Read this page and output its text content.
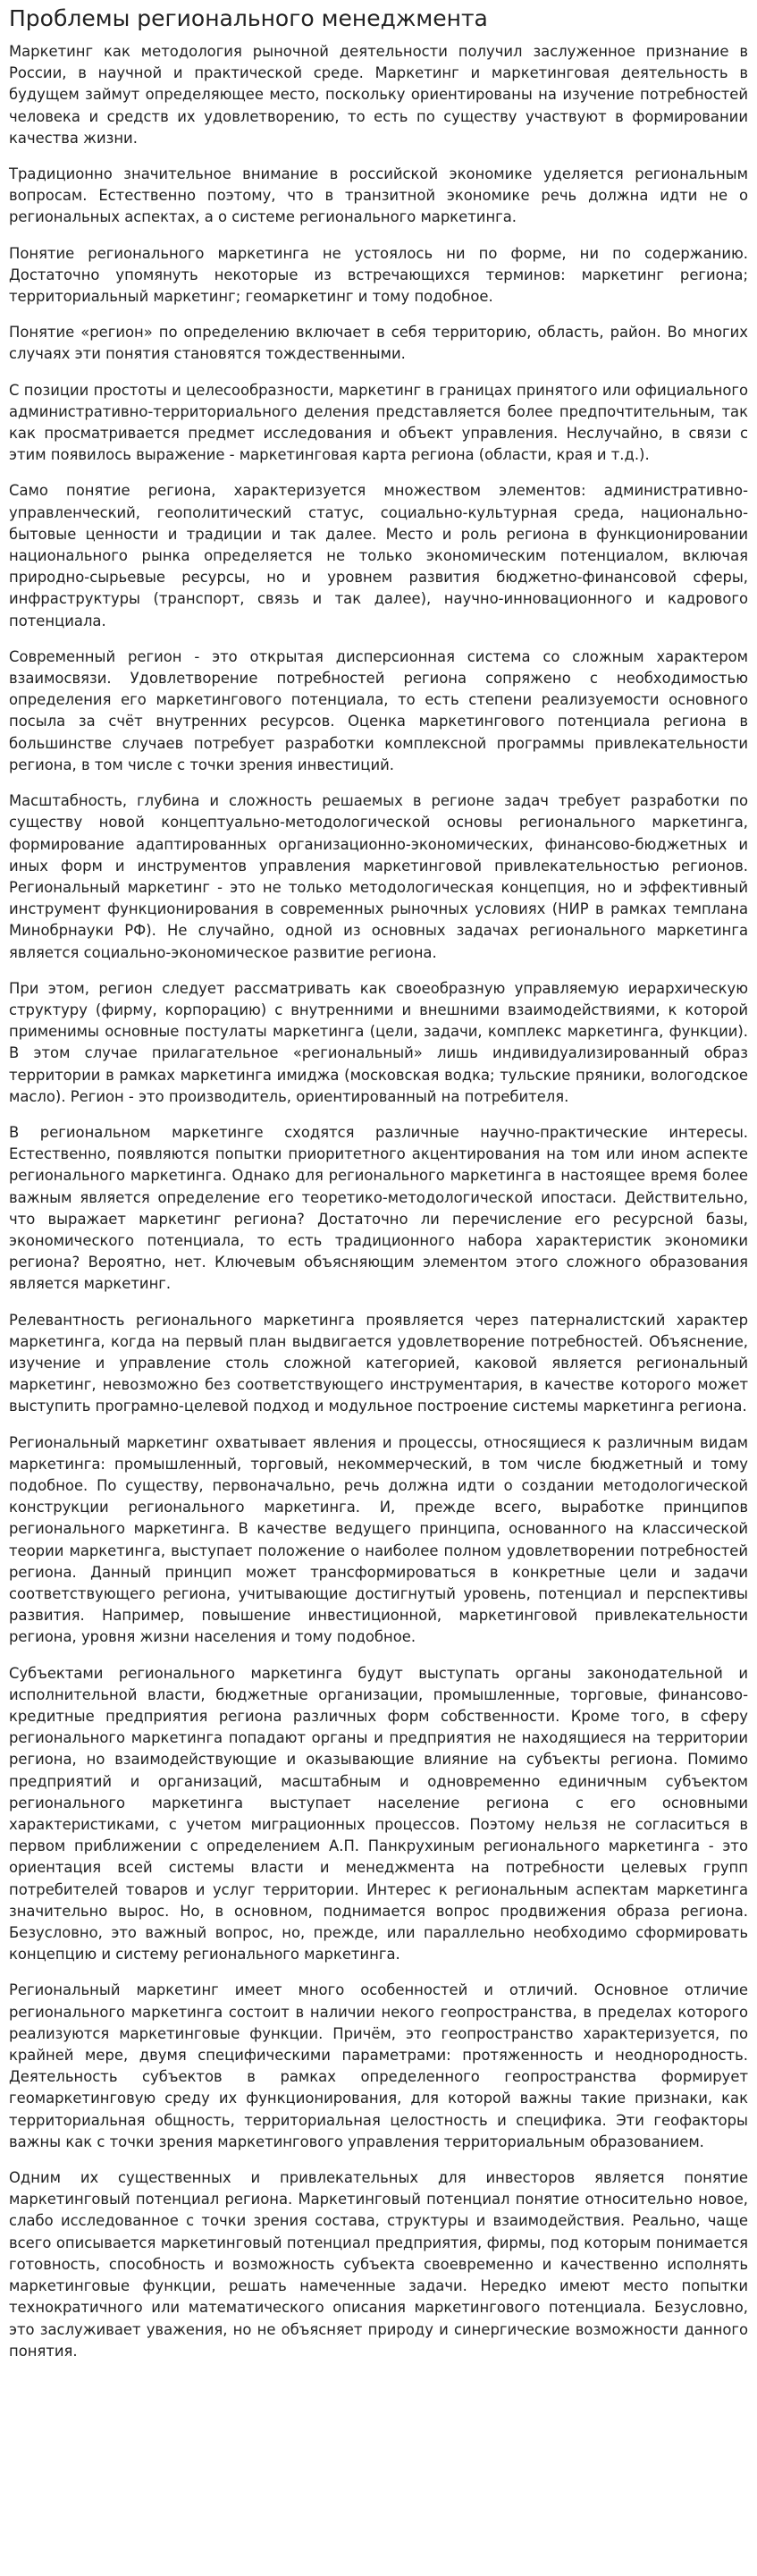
Проблемы регионального менеджмента

Маркетинг как методология рыночной деятельности получил заслуженное признание в России, в научной и практической среде. Маркетинг и маркетинговая деятельность в будущем займут определяющее место, поскольку ориентированы на изучение потребностей человека и средств их удовлетворению, то есть по существу участвуют в формировании качества жизни.

Традиционно значительное внимание в российской экономике уделяется региональным вопросам. Естественно поэтому, что в транзитной экономике речь должна идти не о региональных аспектах, а о системе регионального маркетинга.

Понятие регионального маркетинга не устоялось ни по форме, ни по содержанию. Достаточно упомянуть некоторые из встречающихся терминов: маркетинг региона; территориальный маркетинг; геомаркетинг и тому подобное.

Понятие «регион» по определению включает в себя территорию, область, район. Во многих случаях эти понятия становятся тождественными.

С позиции простоты и целесообразности, маркетинг в границах принятого или официального административно-территориального деления представляется более предпочтительным, так как просматривается предмет исследования и объект управления. Неслучайно, в связи с этим появилось выражение - маркетинговая карта региона (области, края и т.д.).

Само понятие региона, характеризуется множеством элементов: административно-управленческий, геополитический статус, социально-культурная среда, национально-бытовые ценности и традиции и так далее. Место и роль региона в функционировании национального рынка определяется не только экономическим потенциалом, включая природно-сырьевые ресурсы, но и уровнем развития бюджетно-финансовой сферы, инфраструктуры (транспорт, связь и так далее), научно-инновационного и кадрового потенциала.

Современный регион - это открытая дисперсионная система со сложным характером взаимосвязи. Удовлетворение потребностей региона сопряжено с необходимостью определения его маркетингового потенциала, то есть степени реализуемости основного посыла за счёт внутренних ресурсов. Оценка маркетингового потенциала региона в большинстве случаев потребует разработки комплексной программы привлекательности региона, в том числе с точки зрения инвестиций.

Масштабность, глубина и сложность решаемых в регионе задач требует разработки по существу новой концептуально-методологической основы регионального маркетинга, формирование адаптированных организационно-экономических, финансово-бюджетных и иных форм и инструментов управления маркетинговой привлекательностью регионов. Региональный маркетинг - это не только методологическая концепция, но и эффективный инструмент функционирования в современных рыночных условиях (НИР в рамках темплана Минобрнауки РФ). Не случайно, одной из основных задачах регионального маркетинга является социально-экономическое развитие региона.

При этом, регион следует рассматривать как своеобразную управляемую иерархическую структуру (фирму, корпорацию) с внутренними и внешними взаимодействиями, к которой применимы основные постулаты маркетинга (цели, задачи, комплекс маркетинга, функции). В этом случае прилагательное «региональный» лишь индивидуализированный образ территории в рамках маркетинга имиджа (московская водка; тульские пряники, вологодское масло). Регион - это производитель, ориентированный на потребителя.

В региональном маркетинге сходятся различные научно-практические интересы. Естественно, появляются попытки приоритетного акцентирования на том или ином аспекте регионального маркетинга. Однако для регионального маркетинга в настоящее время более важным является определение его теоретико-методологической ипостаси. Действительно, что выражает маркетинг региона? Достаточно ли перечисление его ресурсной базы, экономического потенциала, то есть традиционного набора характеристик экономики региона? Вероятно, нет. Ключевым объясняющим элементом этого сложного образования является маркетинг.

Релевантность регионального маркетинга проявляется через патерналистский характер маркетинга, когда на первый план выдвигается удовлетворение потребностей. Объяснение, изучение и управление столь сложной категорией, каковой является региональный маркетинг, невозможно без соответствующего инструментария, в качестве которого может выступить програмно-целевой подход и модульное построение системы маркетинга региона.

Региональный маркетинг охватывает явления и процессы, относящиеся к различным видам маркетинга: промышленный, торговый, некоммерческий, в том числе бюджетный и тому подобное. По существу, первоначально, речь должна идти о создании методологической конструкции регионального маркетинга. И, прежде всего, выработке принципов регионального маркетинга. В качестве ведущего принципа, основанного на классической теории маркетинга, выступает положение о наиболее полном удовлетворении потребностей региона. Данный принцип может трансформироваться в конкретные цели и задачи соответствующего региона, учитывающие достигнутый уровень, потенциал и перспективы развития. Например, повышение инвестиционной, маркетинговой привлекательности региона, уровня жизни населения и тому подобное.

Субъектами регионального маркетинга будут выступать органы законодательной и исполнительной власти, бюджетные организации, промышленные, торговые, финансово-кредитные предприятия региона различных форм собственности. Кроме того, в сферу регионального маркетинга попадают органы и предприятия не находящиеся на территории региона, но взаимодействующие и оказывающие влияние на субъекты региона. Помимо предприятий и организаций, масштабным и одновременно единичным субъектом регионального маркетинга выступает население региона с его основными характеристиками, с учетом миграционных процессов. Поэтому нельзя не согласиться в первом приближении с определением А.П. Панкрухиным регионального маркетинга - это ориентация всей системы власти и менеджмента на потребности целевых групп потребителей товаров и услуг территории. Интерес к региональным аспектам маркетинга значительно вырос. Но, в основном, поднимается вопрос продвижения образа региона. Безусловно, это важный вопрос, но, прежде, или параллельно необходимо сформировать концепцию и систему регионального маркетинга.

Региональный маркетинг имеет много особенностей и отличий. Основное отличие регионального маркетинга состоит в наличии некого геопространства, в пределах которого реализуются маркетинговые функции. Причём, это геопространство характеризуется, по крайней мере, двумя специфическими параметрами: протяженность и неоднородность. Деятельность субъектов в рамках определенного геопространства формирует геомаркетинговую среду их функционирования, для которой важны такие признаки, как территориальная общность, территориальная целостность и специфика. Эти геофакторы важны как с точки зрения маркетингового управления территориальным образованием.

Одним их существенных и привлекательных для инвесторов является понятие маркетинговый потенциал региона. Маркетинговый потенциал понятие относительно новое, слабо исследованное с точки зрения состава, структуры и взаимодействия. Реально, чаще всего описывается маркетинговый потенциал предприятия, фирмы, под которым понимается готовность, способность и возможность субъекта своевременно и качественно исполнять маркетинговые функции, решать намеченные задачи. Нередко имеют место попытки технократичного или математического описания маркетингового потенциала. Безусловно, это заслуживает уважения, но не объясняет природу и синергические возможности данного понятия.
